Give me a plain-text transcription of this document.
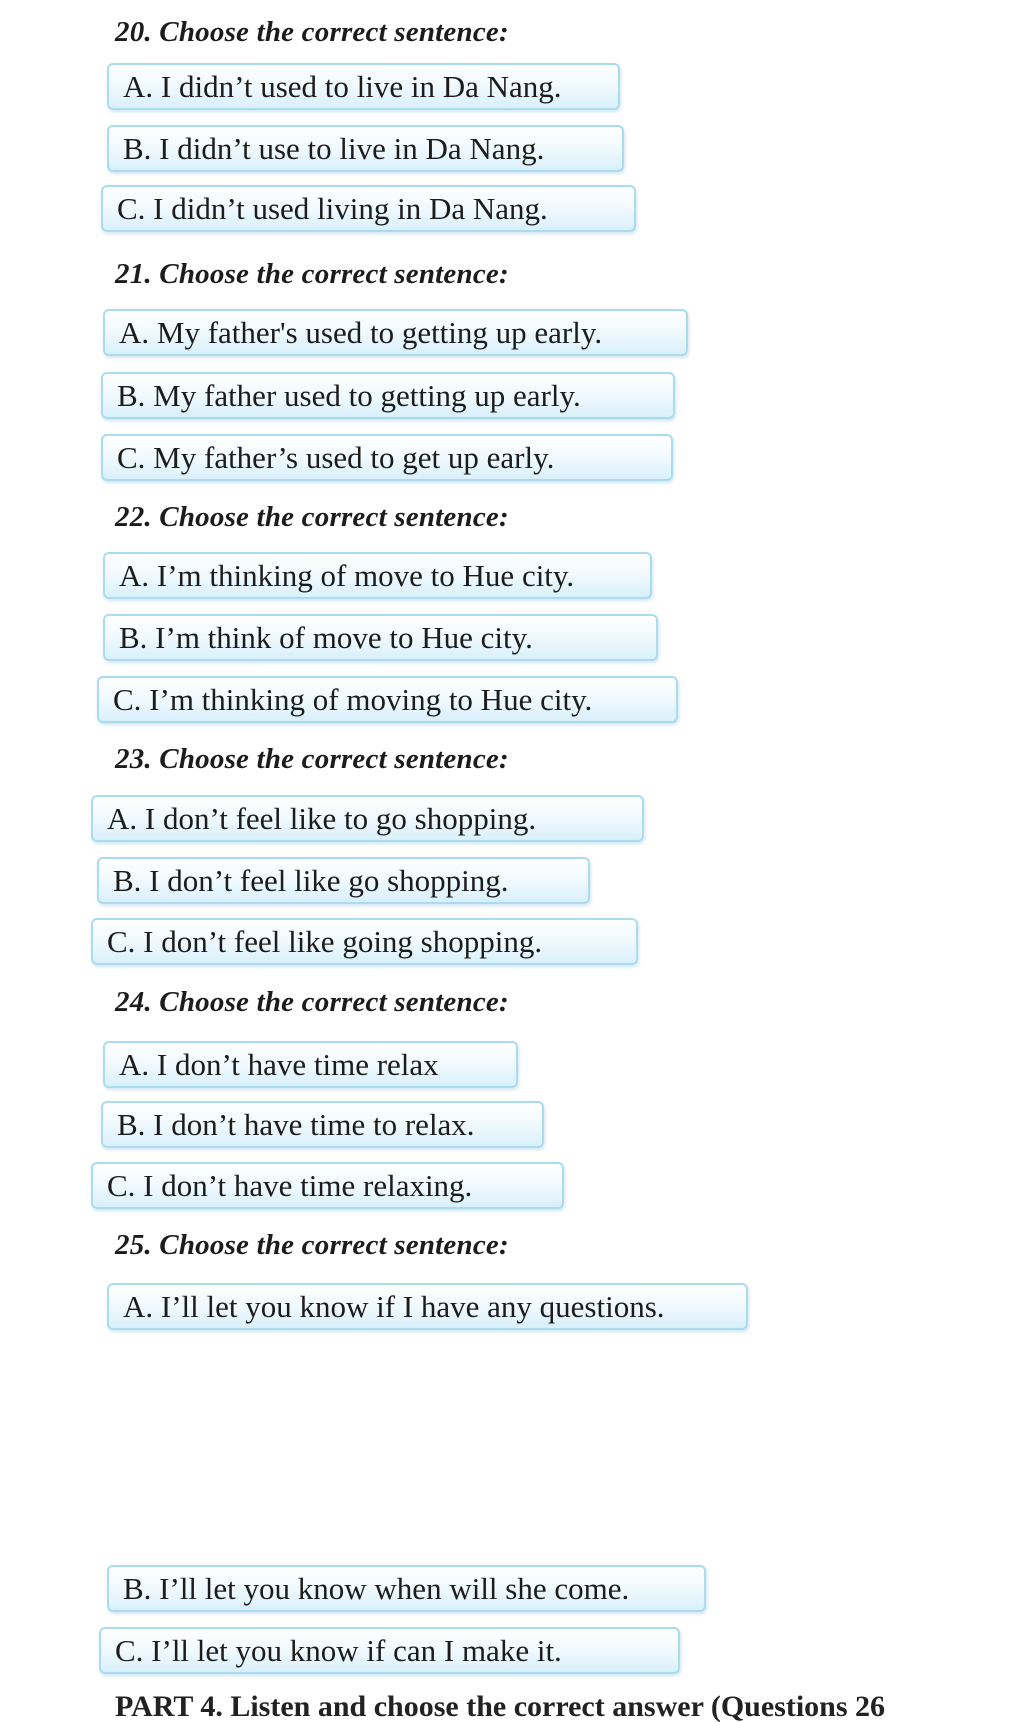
20. Choose the correct sentence:
A. I didn’t used to live in Da Nang.
B. I didn’t use to live in Da Nang.
C. I didn’t used living in Da Nang.
21. Choose the correct sentence:
A. My father's used to getting up early.
B. My father used to getting up early.
C. My father’s used to get up early.
22. Choose the correct sentence:
A. I’m thinking of move to Hue city.
B. I’m think of move to Hue city.
C. I’m thinking of moving to Hue city.
23. Choose the correct sentence:
A. I don’t feel like to go shopping.
B. I don’t feel like go shopping.
C. I don’t feel like going shopping.
24. Choose the correct sentence:
A. I don’t have time relax
B. I don’t have time to relax.
C. I don’t have time relaxing.
25. Choose the correct sentence:
A. I’ll let you know if I have any questions.
B. I’ll let you know when will she come.
C. I’ll let you know if can I make it.
PART 4. Listen and choose the correct answer (Questions 26
